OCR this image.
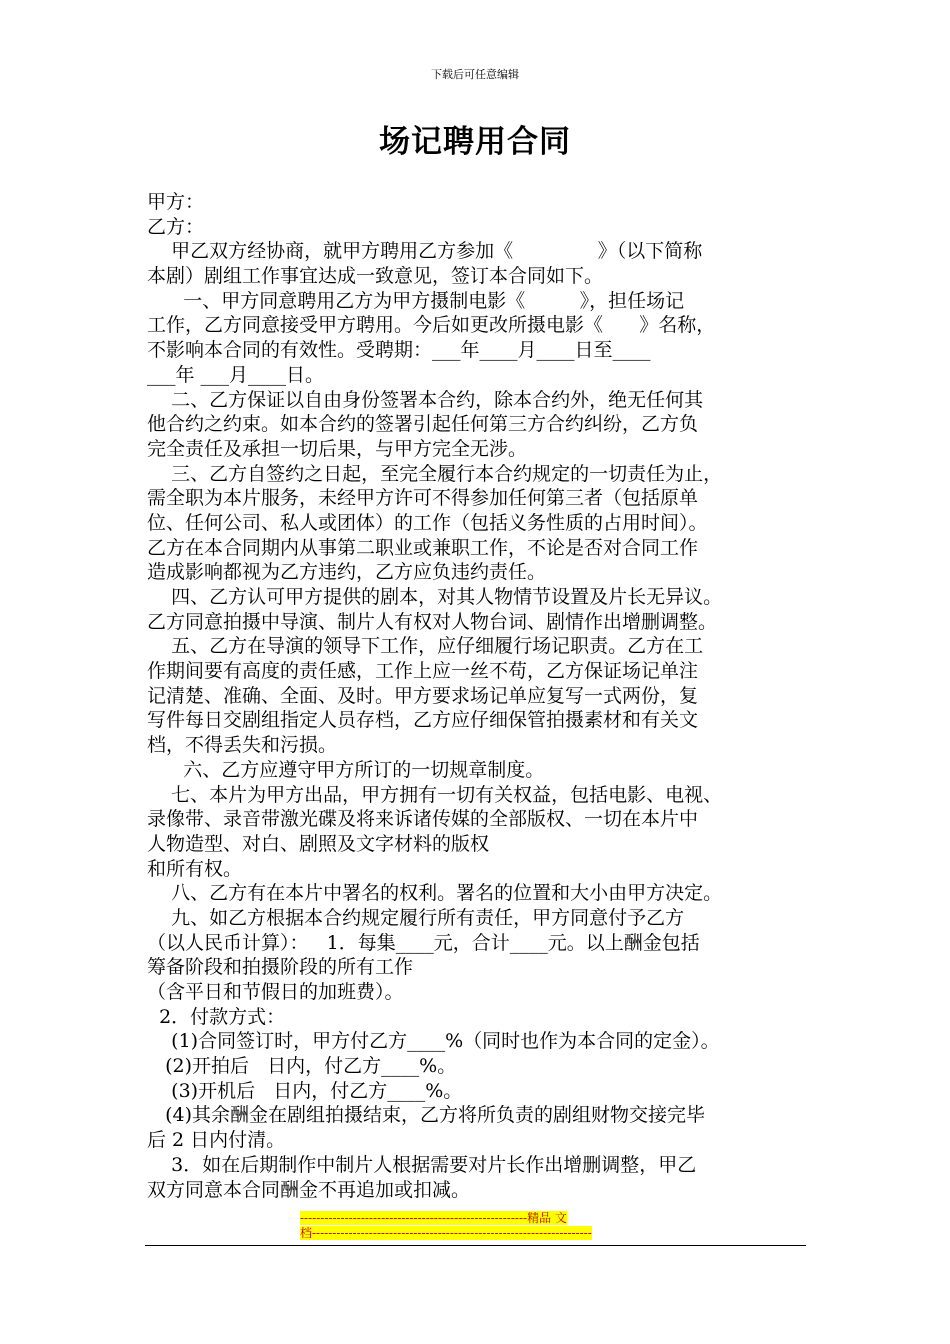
下载后可任意编辑
场记聘用合同
甲方：
乙方：
甲乙双方经协商，就甲方聘用乙方参加《              》（以下简称
本剧）剧组工作事宜达成一致意见，签订本合同如下。
一、甲方同意聘用乙方为甲方摄制电影《         》，担任场记
工作，乙方同意接受甲方聘用。今后如更改所摄电影《      》名称，
不影响本合同的有效性。受聘期：___年____月____日至____
___年 ___月____日。
二、乙方保证以自由身份签署本合约，除本合约外，绝无任何其
他合约之约束。如本合约的签署引起任何第三方合约纠纷，乙方负
完全责任及承担一切后果，与甲方完全无涉。
三、乙方自签约之日起，至完全履行本合约规定的一切责任为止，
需全职为本片服务，未经甲方许可不得参加任何第三者（包括原单
位、任何公司、私人或团体）的工作（包括义务性质的占用时间）。
乙方在本合同期内从事第二职业或兼职工作，不论是否对合同工作
造成影响都视为乙方违约，乙方应负违约责任。
四、乙方认可甲方提供的剧本，对其人物情节设置及片长无异议。
乙方同意拍摄中导演、制片人有权对人物台词、剧情作出增删调整。
五、乙方在导演的领导下工作，应仔细履行场记职责。乙方在工
作期间要有高度的责任感，工作上应一丝不苟，乙方保证场记单注
记清楚、准确、全面、及时。甲方要求场记单应复写一式两份，复
写件每日交剧组指定人员存档，乙方应仔细保管拍摄素材和有关文
档，不得丢失和污损。
六、乙方应遵守甲方所订的一切规章制度。
七、本片为甲方出品，甲方拥有一切有关权益，包括电影、电视、
录像带、录音带激光碟及将来诉诸传媒的全部版权、一切在本片中
人物造型、对白、剧照及文字材料的版权
和所有权。
八、乙方有在本片中署名的权利。署名的位置和大小由甲方决定。
九、如乙方根据本合约规定履行所有责任，甲方同意付予乙方
（以人民币计算）：   1．每集____元，合计____元。以上酬金包括
筹备阶段和拍摄阶段的所有工作
（含平日和节假日的加班费）。
2．付款方式：
(1)合同签订时，甲方付乙方____%（同时也作为本合同的定金）。
(2)开拍后   日内，付乙方____%。
(3)开机后   日内，付乙方____%。
(4)其余酬金在剧组拍摄结束，乙方将所负责的剧组财物交接完毕
后 2 日内付清。
3．如在后期制作中制片人根据需要对片长作出增删调整，甲乙
双方同意本合同酬金不再追加或扣减。
--------------------------------------------------------精品 文
档---------------------------------------------------------------------
